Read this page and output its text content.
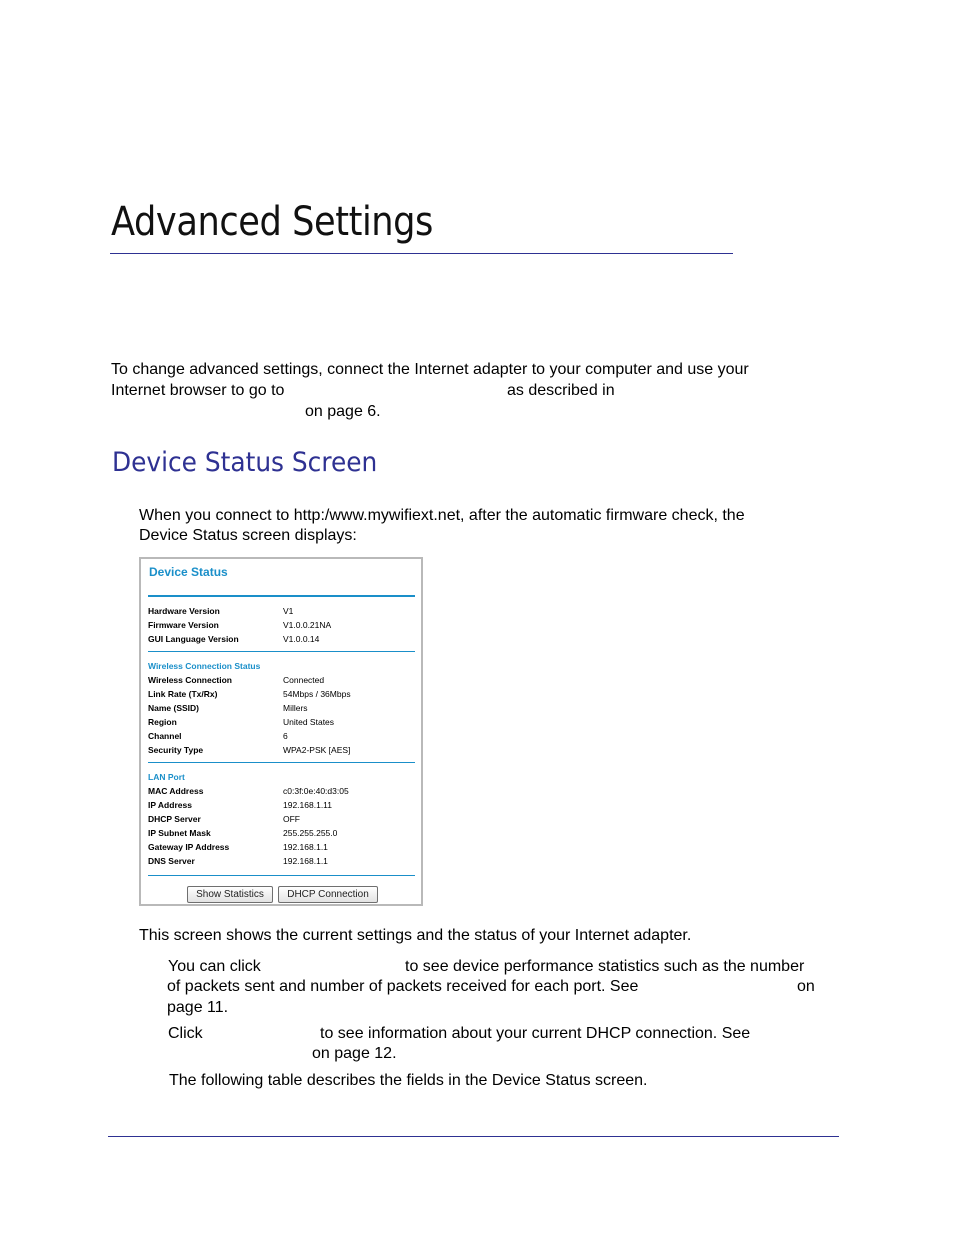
Advanced Settings
To change advanced settings, connect the Internet adapter to your computer and use your
Internet browser to go to	as described in
on page 6.
Device Status Screen
When you connect to http:/www.mywifiext.net, after the automatic firmware check, the
Device Status screen displays:
Device Status
Hardware Version	V1
Firmware Version	V1.0.0.21NA
GUI Language Version	V1.0.0.14
Wireless Connection Status
Wireless Connection	Connected
Link Rate (Tx/Rx)	54Mbps / 36Mbps
Name (SSID)	Millers
Region	United States
Channel	6
Security Type	WPA2-PSK [AES]
LAN Port
MAC Address	c0:3f:0e:40:d3:05
IP Address	192.168.1.11
DHCP Server	OFF
IP Subnet Mask	255.255.255.0
Gateway IP Address	192.168.1.1
DNS Server	192.168.1.1
Show Statistics	DHCP Connection
This screen shows the current settings and the status of your Internet adapter.
You can click	to see device performance statistics such as the number
of packets sent and number of packets received for each port. See	on
page 11.
Click	to see information about your current DHCP connection. See
on page 12.
The following table describes the fields in the Device Status screen.
